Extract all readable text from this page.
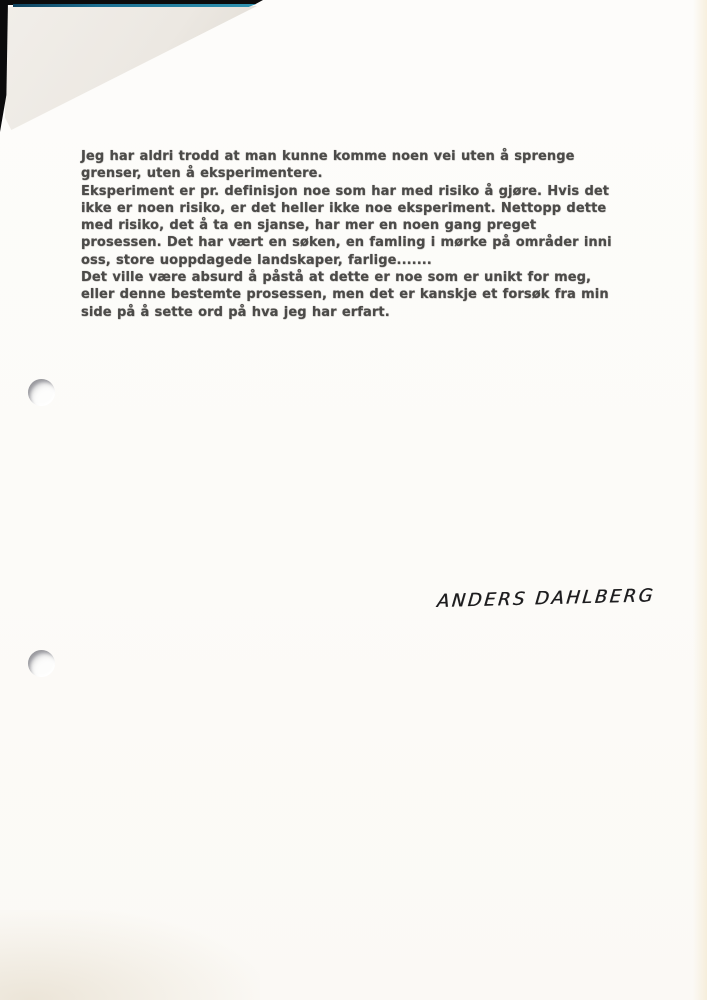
Jeg har aldri trodd at man kunne komme noen vei uten å sprenge
grenser, uten å eksperimentere.
Eksperiment er pr. definisjon noe som har med risiko å gjøre. Hvis det
ikke er noen risiko, er det heller ikke noe eksperiment. Nettopp dette
med risiko, det å ta en sjanse, har mer en noen gang preget
prosessen. Det har vært en søken, en famling i mørke på områder inni
oss, store uoppdagede landskaper, farlige.......
Det ville være absurd å påstå at dette er noe som er unikt for meg,
eller denne bestemte prosessen, men det er kanskje et forsøk fra min
side på å sette ord på hva jeg har erfart.
ANDERS DAHLBERG
